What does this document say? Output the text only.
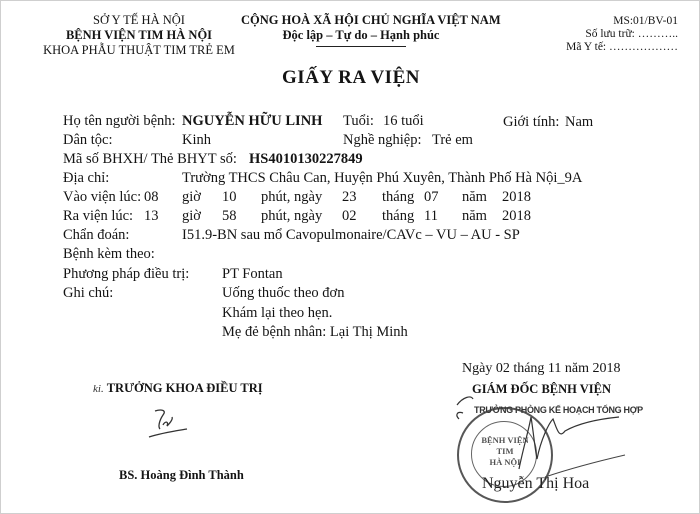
SỞ Y TẾ HÀ NỘI
BỆNH VIỆN TIM HÀ NỘI
KHOA PHẪU THUẬT TIM TRẺ EM
CỘNG HOÀ XÃ HỘI CHỦ NGHĨA VIỆT NAM
Độc lập – Tự do – Hạnh phúc
MS:01/BV-01
Số lưu trữ: ………..
Mã Y tế: ………………
GIẤY RA VIỆN
Họ tên người bệnh: NGUYỄN HỮU LINH Tuổi: 16 tuổi	Giới tính: Nam
Dân tộc:	Kinh	Nghề nghiệp: Trẻ em
Mã số BHXH/ Thẻ BHYT số: HS4010130227849
Địa chỉ:	Trường THCS Châu Can, Huyện Phú Xuyên, Thành Phố Hà Nội_9A
Vào viện lúc: 08 giờ 10 phút, ngày 23 tháng 07 năm 2018
Ra viện lúc: 13 giờ 58 phút, ngày 02 tháng 11 năm 2018
Chẩn đoán:	I51.9-BN sau mổ Cavopulmonaire/CAVc – VU – AU - SP
Bệnh kèm theo:
Phương pháp điều trị: PT Fontan
Ghi chú:	Uống thuốc theo đơn
Khám lại theo hẹn.
Mẹ đẻ bệnh nhân: Lại Thị Minh
ki. TRƯỞNG KHOA ĐIỀU TRỊ
BS. Hoàng Đình Thành
Ngày 02 tháng 11 năm 2018
GIÁM ĐỐC BỆNH VIỆN
TRƯỞNG PHÒNG KẾ HOẠCH TỔNG HỢP
BỆNH VIỆN
TIM
HÀ NỘI
Nguyễn Thị Hoa
